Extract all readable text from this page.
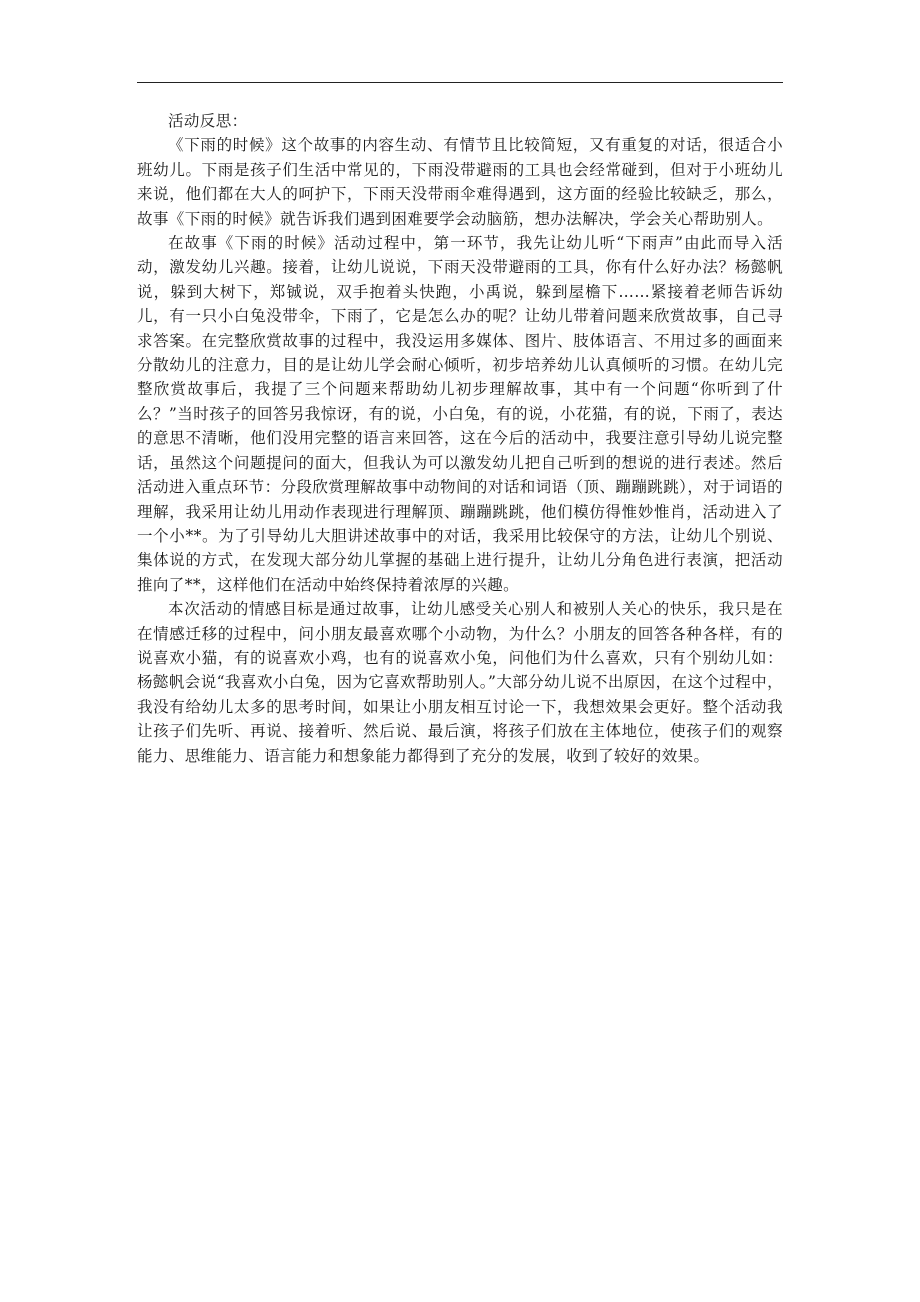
活动反思：

《下雨的时候》这个故事的内容生动、有情节且比较简短，又有重复的对话，很适合小班幼儿。下雨是孩子们生活中常见的，下雨没带避雨的工具也会经常碰到，但对于小班幼儿来说，他们都在大人的呵护下，下雨天没带雨伞难得遇到，这方面的经验比较缺乏，那么，故事《下雨的时候》就告诉我们遇到困难要学会动脑筋，想办法解决，学会关心帮助别人。

在故事《下雨的时候》活动过程中，第一环节，我先让幼儿听“下雨声”由此而导入活动，激发幼儿兴趣。接着，让幼儿说说，下雨天没带避雨的工具，你有什么好办法？杨懿帆说，躲到大树下，郑铖说，双手抱着头快跑，小禹说，躲到屋檐下……紧接着老师告诉幼儿，有一只小白兔没带伞，下雨了，它是怎么办的呢？让幼儿带着问题来欣赏故事，自己寻求答案。在完整欣赏故事的过程中，我没运用多媒体、图片、肢体语言、不用过多的画面来分散幼儿的注意力，目的是让幼儿学会耐心倾听，初步培养幼儿认真倾听的习惯。在幼儿完整欣赏故事后，我提了三个问题来帮助幼儿初步理解故事，其中有一个问题“你听到了什么？”当时孩子的回答另我惊讶，有的说，小白兔，有的说，小花猫，有的说，下雨了，表达的意思不清晰，他们没用完整的语言来回答，这在今后的活动中，我要注意引导幼儿说完整话，虽然这个问题提问的面大，但我认为可以激发幼儿把自己听到的想说的进行表述。然后活动进入重点环节：分段欣赏理解故事中动物间的对话和词语（顶、蹦蹦跳跳），对于词语的理解，我采用让幼儿用动作表现进行理解顶、蹦蹦跳跳，他们模仿得惟妙惟肖，活动进入了一个小**。为了引导幼儿大胆讲述故事中的对话，我采用比较保守的方法，让幼儿个别说、集体说的方式，在发现大部分幼儿掌握的基础上进行提升，让幼儿分角色进行表演，把活动推向了**，这样他们在活动中始终保持着浓厚的兴趣。

本次活动的情感目标是通过故事，让幼儿感受关心别人和被别人关心的快乐，我只是在在情感迁移的过程中，问小朋友最喜欢哪个小动物，为什么？小朋友的回答各种各样，有的说喜欢小猫，有的说喜欢小鸡，也有的说喜欢小兔，问他们为什么喜欢，只有个别幼儿如：杨懿帆会说“我喜欢小白兔，因为它喜欢帮助别人。”大部分幼儿说不出原因，在这个过程中，我没有给幼儿太多的思考时间，如果让小朋友相互讨论一下，我想效果会更好。整个活动我让孩子们先听、再说、接着听、然后说、最后演，将孩子们放在主体地位，使孩子们的观察能力、思维能力、语言能力和想象能力都得到了充分的发展，收到了较好的效果。
